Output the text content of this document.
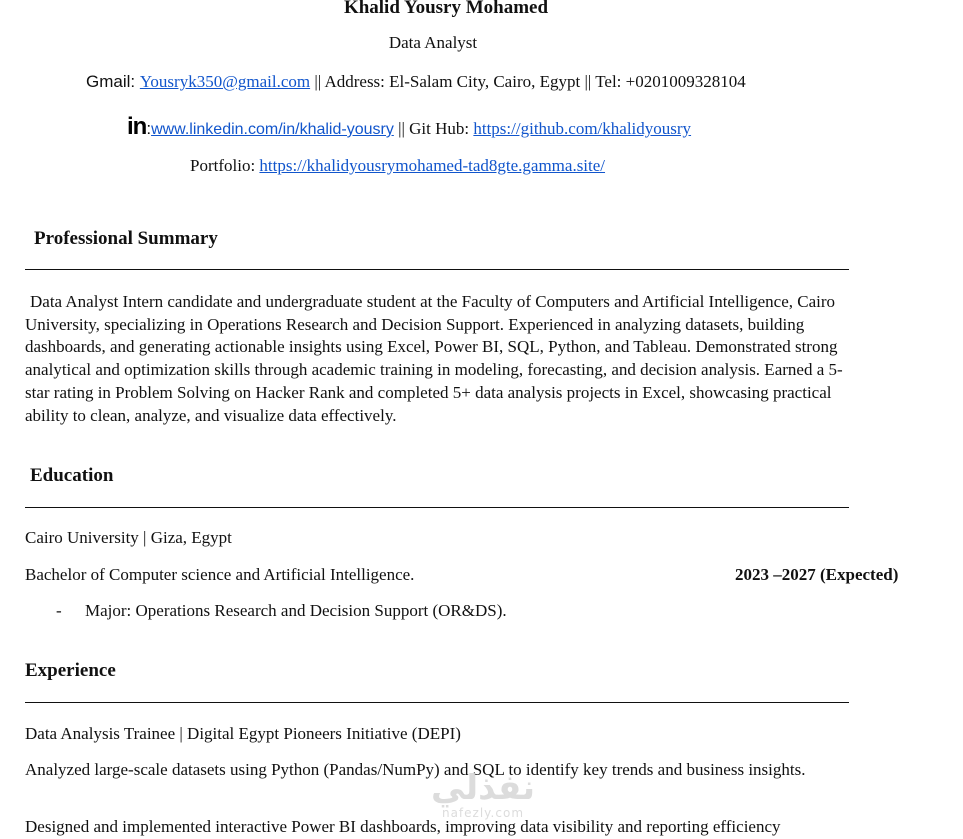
Khalid Yousry Mohamed
Data Analyst
Gmail: Yousryk350@gmail.com || Address: El-Salam City, Cairo, Egypt || Tel: +0201009328104
in:www.linkedin.com/in/khalid-yousry || Git Hub: https://github.com/khalidyousry
Portfolio: https://khalidyousrymohamed-tad8gte.gamma.site/
Professional Summary
Data Analyst Intern candidate and undergraduate student at the Faculty of Computers and Artificial Intelligence, Cairo University, specializing in Operations Research and Decision Support. Experienced in analyzing datasets, building dashboards, and generating actionable insights using Excel, Power BI, SQL, Python, and Tableau. Demonstrated strong analytical and optimization skills through academic training in modeling, forecasting, and decision analysis. Earned a 5-star rating in Problem Solving on Hacker Rank and completed 5+ data analysis projects in Excel, showcasing practical ability to clean, analyze, and visualize data effectively.
Education
Cairo University | Giza, Egypt
Bachelor of Computer science and Artificial Intelligence.	2023 –2027 (Expected)
- Major: Operations Research and Decision Support (OR&DS).
Experience
Data Analysis Trainee | Digital Egypt Pioneers Initiative (DEPI)
Analyzed large-scale datasets using Python (Pandas/NumPy) and SQL to identify key trends and business insights.
Designed and implemented interactive Power BI dashboards, improving data visibility and reporting efficiency
نفذلي
nafezly.com
